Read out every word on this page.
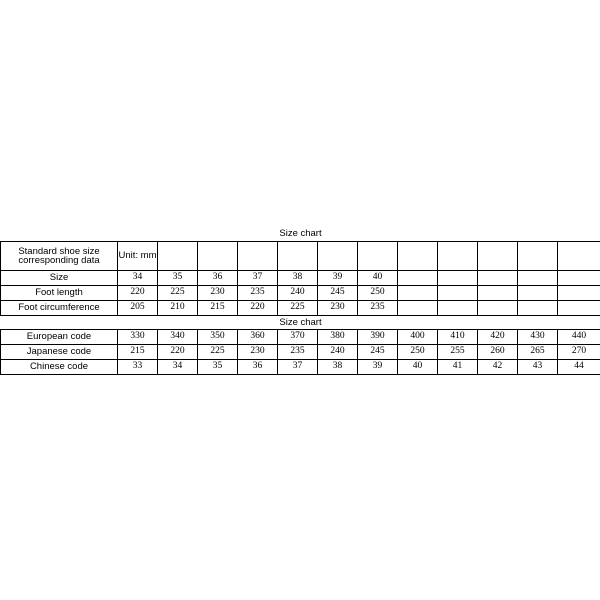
Size chart												
Standard shoe size corresponding data	Unit: mm											
Size	34	35	36	37	38	39	40					
Foot length	220	225	230	235	240	245	250					
Foot circumference	205	210	215	220	225	230	235					
Size chart												
European code	330	340	350	360	370	380	390	400	410	420	430	440
Japanese code	215	220	225	230	235	240	245	250	255	260	265	270
Chinese code	33	34	35	36	37	38	39	40	41	42	43	44
